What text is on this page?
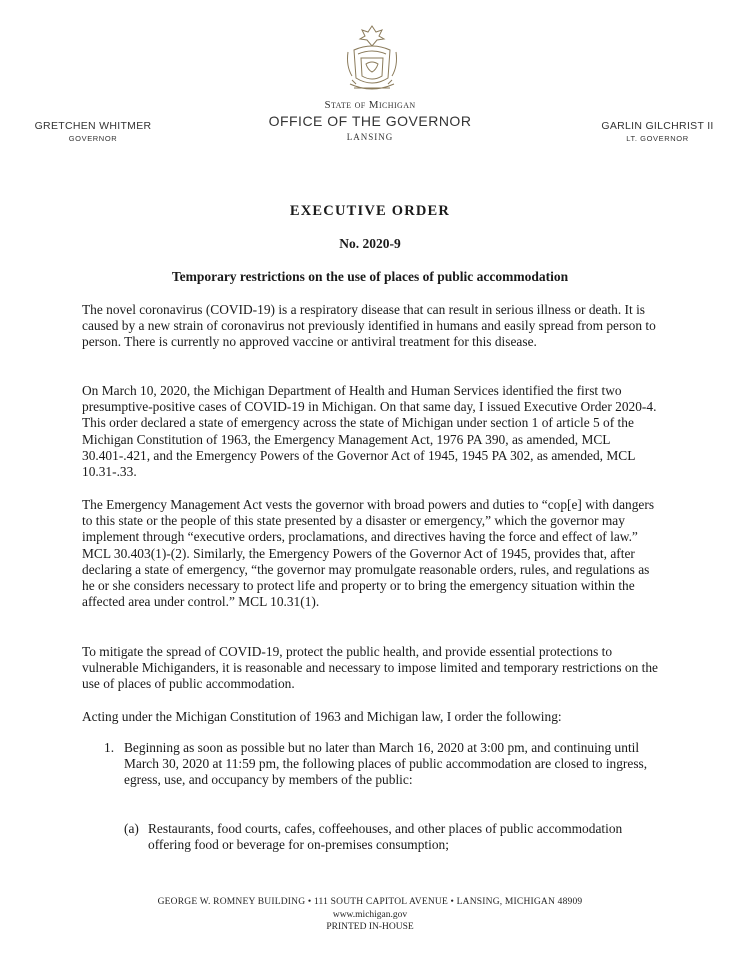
GRETCHEN WHITMER
GOVERNOR
State of Michigan
OFFICE OF THE GOVERNOR
LANSING
GARLIN GILCHRIST II
LT. GOVERNOR
EXECUTIVE ORDER
No. 2020-9
Temporary restrictions on the use of places of public accommodation

The novel coronavirus (COVID-19) is a respiratory disease that can result in serious illness or death. It is caused by a new strain of coronavirus not previously identified in humans and easily spread from person to person. There is currently no approved vaccine or antiviral treatment for this disease.

On March 10, 2020, the Michigan Department of Health and Human Services identified the first two presumptive-positive cases of COVID-19 in Michigan. On that same day, I issued Executive Order 2020-4. This order declared a state of emergency across the state of Michigan under section 1 of article 5 of the Michigan Constitution of 1963, the Emergency Management Act, 1976 PA 390, as amended, MCL 30.401-.421, and the Emergency Powers of the Governor Act of 1945, 1945 PA 302, as amended, MCL 10.31-.33.

The Emergency Management Act vests the governor with broad powers and duties to “cop[e] with dangers to this state or the people of this state presented by a disaster or emergency,” which the governor may implement through “executive orders, proclamations, and directives having the force and effect of law.” MCL 30.403(1)-(2). Similarly, the Emergency Powers of the Governor Act of 1945, provides that, after declaring a state of emergency, “the governor may promulgate reasonable orders, rules, and regulations as he or she considers necessary to protect life and property or to bring the emergency situation within the affected area under control.” MCL 10.31(1).

To mitigate the spread of COVID-19, protect the public health, and provide essential protections to vulnerable Michiganders, it is reasonable and necessary to impose limited and temporary restrictions on the use of places of public accommodation.

Acting under the Michigan Constitution of 1963 and Michigan law, I order the following:

1. Beginning as soon as possible but no later than March 16, 2020 at 3:00 pm, and continuing until March 30, 2020 at 11:59 pm, the following places of public accommodation are closed to ingress, egress, use, and occupancy by members of the public:

(a) Restaurants, food courts, cafes, coffeehouses, and other places of public accommodation offering food or beverage for on-premises consumption;

GEORGE W. ROMNEY BUILDING • 111 SOUTH CAPITOL AVENUE • LANSING, MICHIGAN 48909
www.michigan.gov
PRINTED IN-HOUSE
